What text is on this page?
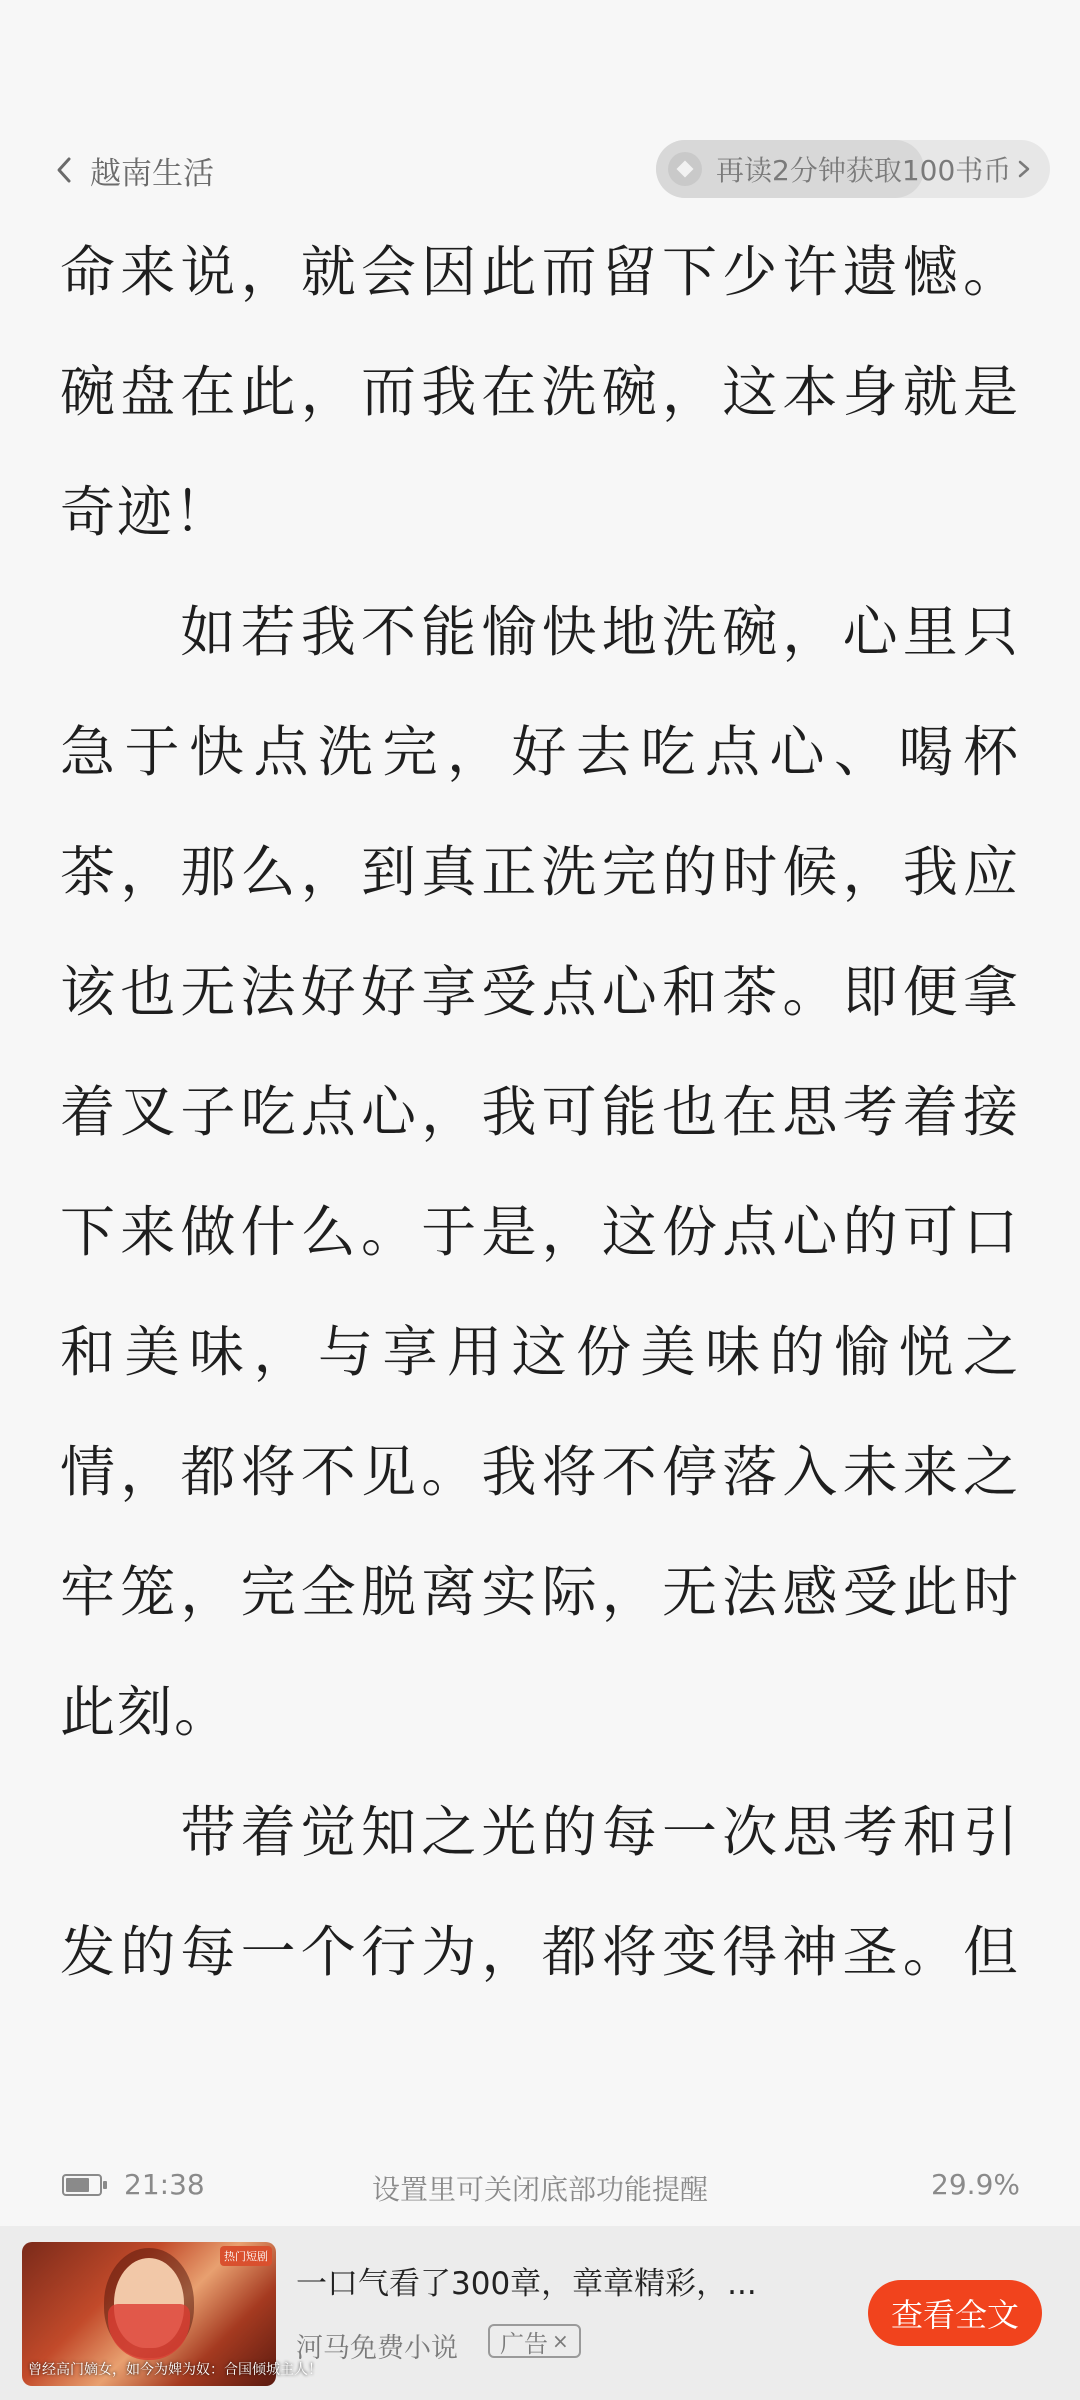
越南生活	再读2分钟获取100书币
命来说，就会因此而留下少许遗憾。
碗盘在此，而我在洗碗，这本身就是
奇迹！
　　如若我不能愉快地洗碗，心里只
急于快点洗完，好去吃点心、喝杯
茶，那么，到真正洗完的时候，我应
该也无法好好享受点心和茶。即便拿
着叉子吃点心，我可能也在思考着接
下来做什么。于是，这份点心的可口
和美味，与享用这份美味的愉悦之
情，都将不见。我将不停落入未来之
牢笼，完全脱离实际，无法感受此时
此刻。
　　带着觉知之光的每一次思考和引
发的每一个行为，都将变得神圣。但
21:38	设置里可关闭底部功能提醒	29.9%
热门短剧
曾经高门嫡女，如今为婢为奴：合国倾城主人！
一口气看了300章，章章精彩，...
河马免费小说 广告 ×
查看全文
